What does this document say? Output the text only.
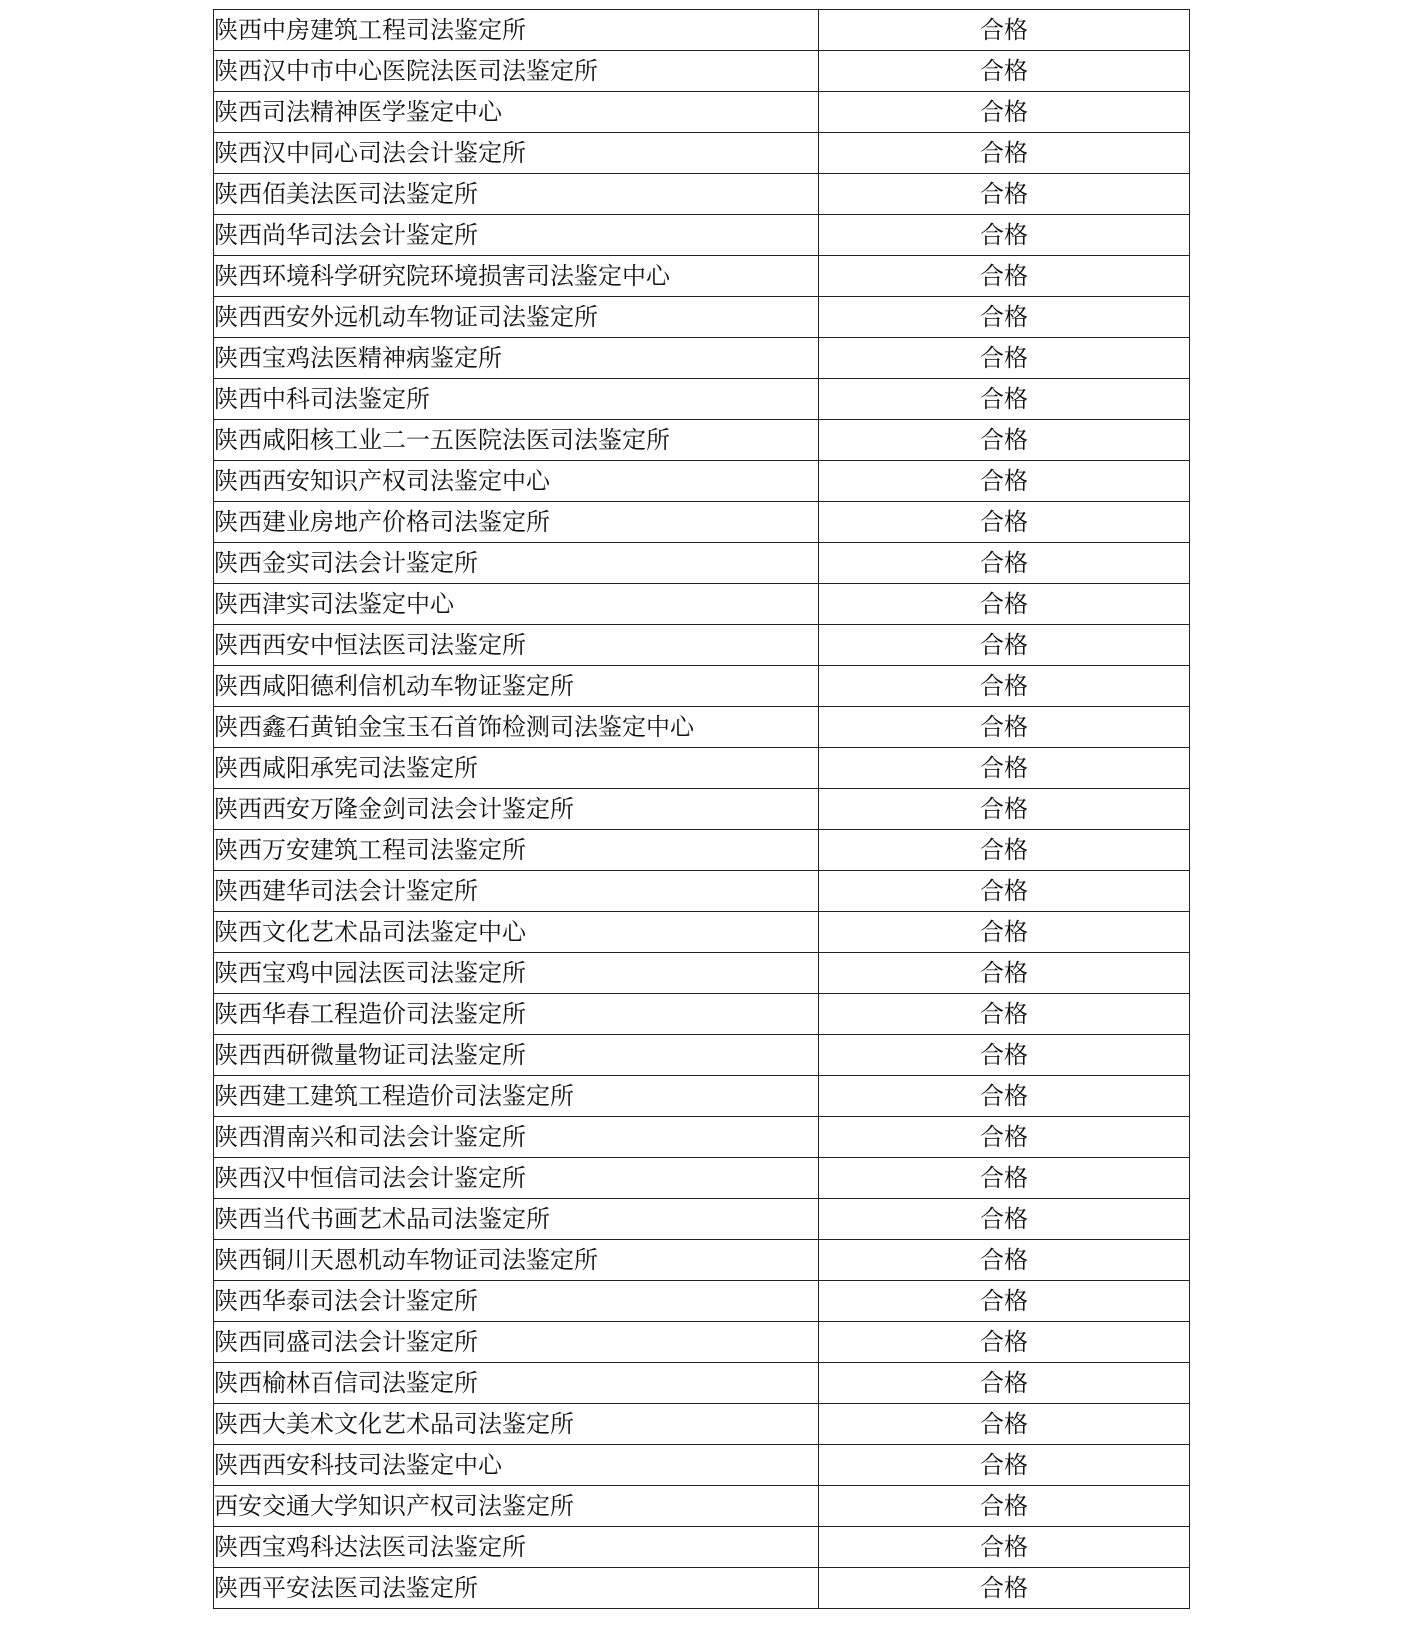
陕西中房建筑工程司法鉴定所	合格
陕西汉中市中心医院法医司法鉴定所	合格
陕西司法精神医学鉴定中心	合格
陕西汉中同心司法会计鉴定所	合格
陕西佰美法医司法鉴定所	合格
陕西尚华司法会计鉴定所	合格
陕西环境科学研究院环境损害司法鉴定中心	合格
陕西西安外远机动车物证司法鉴定所	合格
陕西宝鸡法医精神病鉴定所	合格
陕西中科司法鉴定所	合格
陕西咸阳核工业二一五医院法医司法鉴定所	合格
陕西西安知识产权司法鉴定中心	合格
陕西建业房地产价格司法鉴定所	合格
陕西金实司法会计鉴定所	合格
陕西津实司法鉴定中心	合格
陕西西安中恒法医司法鉴定所	合格
陕西咸阳德利信机动车物证鉴定所	合格
陕西鑫石黄铂金宝玉石首饰检测司法鉴定中心	合格
陕西咸阳承宪司法鉴定所	合格
陕西西安万隆金剑司法会计鉴定所	合格
陕西万安建筑工程司法鉴定所	合格
陕西建华司法会计鉴定所	合格
陕西文化艺术品司法鉴定中心	合格
陕西宝鸡中园法医司法鉴定所	合格
陕西华春工程造价司法鉴定所	合格
陕西西研微量物证司法鉴定所	合格
陕西建工建筑工程造价司法鉴定所	合格
陕西渭南兴和司法会计鉴定所	合格
陕西汉中恒信司法会计鉴定所	合格
陕西当代书画艺术品司法鉴定所	合格
陕西铜川天恩机动车物证司法鉴定所	合格
陕西华泰司法会计鉴定所	合格
陕西同盛司法会计鉴定所	合格
陕西榆林百信司法鉴定所	合格
陕西大美术文化艺术品司法鉴定所	合格
陕西西安科技司法鉴定中心	合格
西安交通大学知识产权司法鉴定所	合格
陕西宝鸡科达法医司法鉴定所	合格
陕西平安法医司法鉴定所	合格
